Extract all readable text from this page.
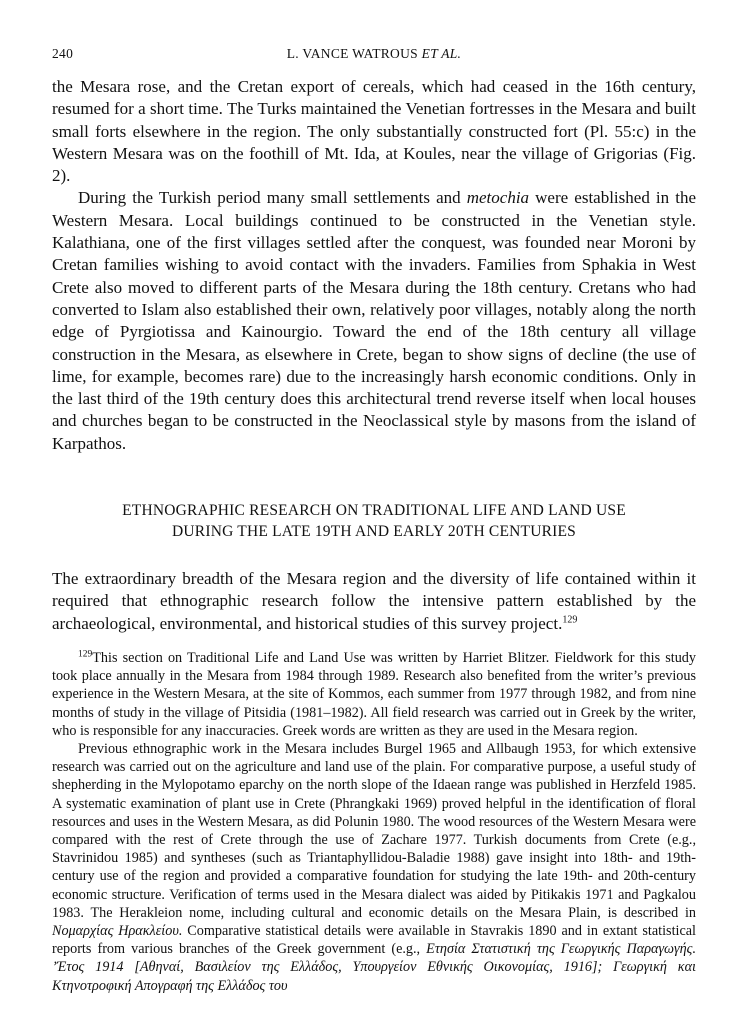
240	L. VANCE WATROUS ET AL.

the Mesara rose, and the Cretan export of cereals, which had ceased in the 16th century, resumed for a short time. The Turks maintained the Venetian fortresses in the Mesara and built small forts elsewhere in the region. The only substantially constructed fort (Pl. 55:c) in the Western Mesara was on the foothill of Mt. Ida, at Koules, near the village of Grigorias (Fig. 2).

During the Turkish period many small settlements and metochia were established in the Western Mesara. Local buildings continued to be constructed in the Venetian style. Kalathiana, one of the first villages settled after the conquest, was founded near Moroni by Cretan families wishing to avoid contact with the invaders. Families from Sphakia in West Crete also moved to different parts of the Mesara during the 18th century. Cretans who had converted to Islam also established their own, relatively poor villages, notably along the north edge of Pyrgiotissa and Kainourgio. Toward the end of the 18th century all village construction in the Mesara, as elsewhere in Crete, began to show signs of decline (the use of lime, for example, becomes rare) due to the increasingly harsh economic conditions. Only in the last third of the 19th century does this architectural trend reverse itself when local houses and churches began to be constructed in the Neoclassical style by masons from the island of Karpathos.

ETHNOGRAPHIC RESEARCH ON TRADITIONAL LIFE AND LAND USE
DURING THE LATE 19TH AND EARLY 20TH CENTURIES

The extraordinary breadth of the Mesara region and the diversity of life contained within it required that ethnographic research follow the intensive pattern established by the archaeological, environmental, and historical studies of this survey project.$^{129}$

$^{129}$This section on Traditional Life and Land Use was written by Harriet Blitzer. Fieldwork for this study took place annually in the Mesara from 1984 through 1989. Research also benefited from the writer’s previous experience in the Western Mesara, at the site of Kommos, each summer from 1977 through 1982, and from nine months of study in the village of Pitsidia (1981–1982). All field research was carried out in Greek by the writer, who is responsible for any inaccuracies. Greek words are written as they are used in the Mesara region.

Previous ethnographic work in the Mesara includes Burgel 1965 and Allbaugh 1953, for which extensive research was carried out on the agriculture and land use of the plain. For comparative purpose, a useful study of shepherding in the Mylopotamo eparchy on the north slope of the Idaean range was published in Herzfeld 1985. A systematic examination of plant use in Crete (Phrangkaki 1969) proved helpful in the identification of floral resources and uses in the Western Mesara, as did Polunin 1980. The wood resources of the Western Mesara were compared with the rest of Crete through the use of Zachare 1977. Turkish documents from Crete (e.g., Stavrinidou 1985) and syntheses (such as Triantaphyllidou-Baladie 1988) gave insight into 18th- and 19th-century use of the region and provided a comparative foundation for studying the late 19th- and 20th-century economic structure. Verification of terms used in the Mesara dialect was aided by Pitikakis 1971 and Pagkalou 1983. The Herakleion nome, including cultural and economic details on the Mesara Plain, is described in Νομαρχίας Ηρακλείου. Comparative statistical details were available in Stavrakis 1890 and in extant statistical reports from various branches of the Greek government (e.g., Ετησία Στατιστική της Γεωργικής Παραγωγής. ’Έτος 1914 [Αθηναί, Βασιλείον της Ελλάδος, Υπουργείον Εθνικής Οικονομίας, 1916]; Γεωργική και Κτηνοτροφική Απογραφή της Ελλάδος του
